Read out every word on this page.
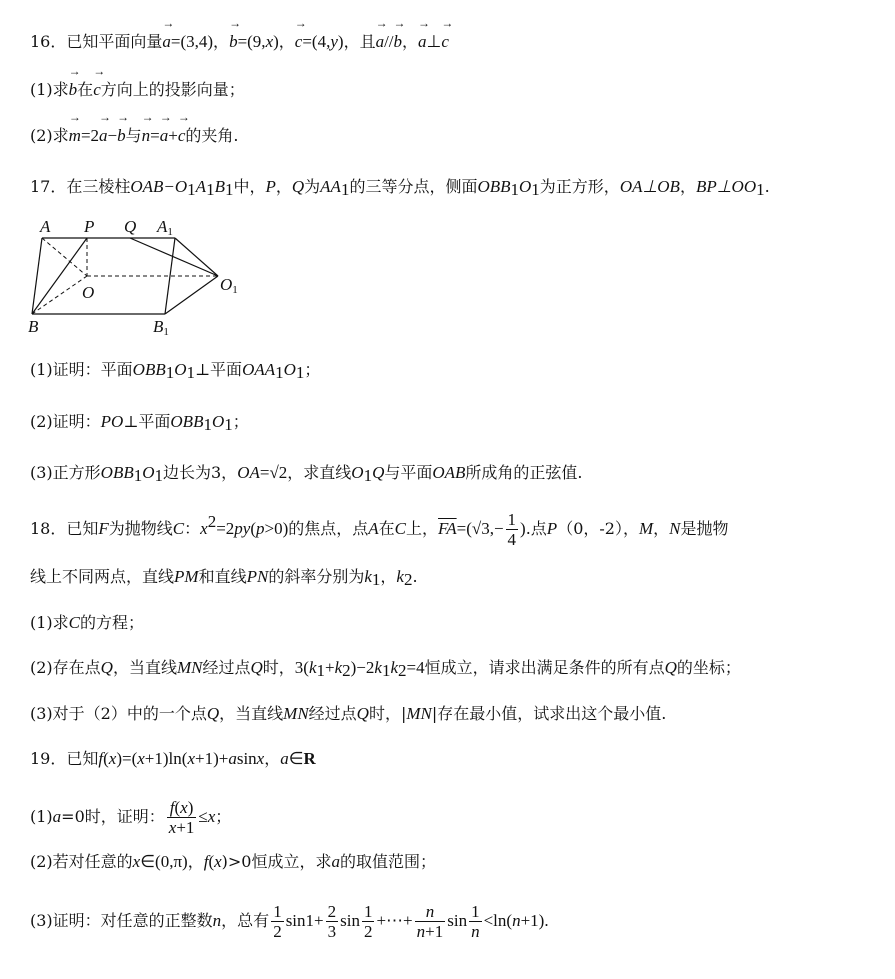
16．已知平面向量→ a=(3,4)，→ b=(9,x)，→ c=(4,y)，且→ a//→ b，→ a⊥→ c
(1)求→ b在→ c方向上的投影向量；
(2)求→ m=2→ a−→ b与→ n=→ a+→ c的夹角.
17．在三棱柱$OAB-O_1A_1B_1$中，P，Q为$AA_1$的三等分点，侧面$OBB_1O_1$为正方形，OA⊥OB，$BP\perp OO_1$.
A P Q A1
O	O1
B	B1
(1)证明：平面$OBB_1O_1\perp$平面$OAA_1O_1$；
(2)证明：PO⊥平面$OBB_1O_1$；
(3)正方形$OBB_1O_1$边长为3，OA=√2，求直线$O_1Q$与平面OAB所成角的正弦值.
18．已知F为抛物线C：$x^2=2py(p>0)$的焦点，点A在C上，$\overline{FA}=(√3,- \frac{1}{4}$ ).点P（0，-2），M，N是抛物
线上不同两点，直线PM和直线PN的斜率分别为$k_1$，$k_2$.
(1)求C的方程；
(2)存在点Q，当直线MN经过点Q时，$3(k_1+k_2)-2k_1k_2=4$恒成立，请求出满足条件的所有点Q的坐标；
(3)对于（2）中的一个点Q，当直线MN经过点Q时，|MN|存在最小值，试求出这个最小值.
19．已知f(x)=(x+1)ln(x+1)+asinx，a∈R
(1)a=0时，证明： $\frac{f(x)}{x+1} \le x$；
(2)若对任意的x∈(0,π)，f(x)>0恒成立，求a的取值范围；
(3)证明：对任意的正整数n，总有 $\frac{1}{2} \sin 1+ \frac{2}{3}$ $\sin \frac{1}{2}$ +⋯+ $\frac{n}{n+1}$ $\sin \frac{1}{n} <\ln(n+1)$.
